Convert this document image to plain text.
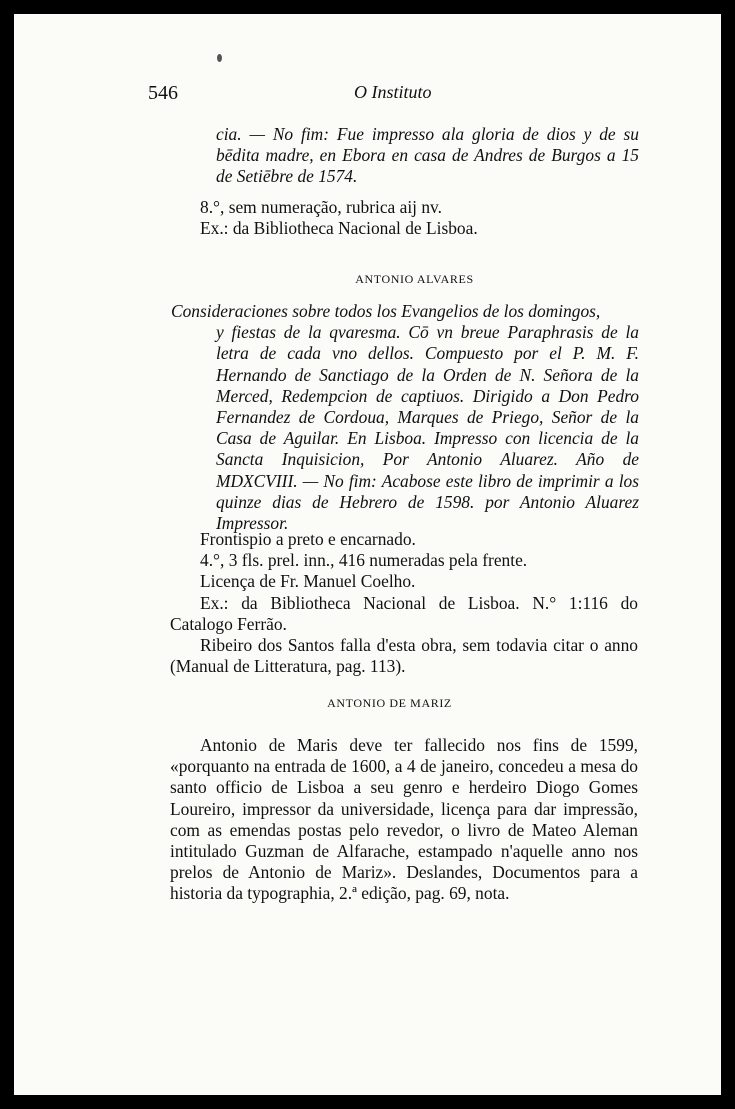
546	O Instituto
cia. — No fim: Fue impresso ala gloria de dios y de su bēdita madre, en Ebora en casa de Andres de Burgos a 15 de Setiēbre de 1574.
8.°, sem numeração, rubrica aij nv.
Ex.: da Bibliotheca Nacional de Lisboa.
ANTONIO ALVARES
Consideraciones sobre todos los Evangelios de los domingos,
y fiestas de la qvaresma. Cō vn breue Paraphrasis de la letra de cada vno dellos. Compuesto por el P. M. F. Hernando de Sanctiago de la Orden de N. Señora de la Merced, Redempcion de captiuos. Dirigido a Don Pedro Fernandez de Cordoua, Marques de Priego, Señor de la Casa de Aguilar. En Lisboa. Impresso con licencia de la Sancta Inquisicion, Por Antonio Aluarez. Año de MDXCVIII. — No fim: Acabose este libro de imprimir a los quinze dias de Hebrero de 1598. por Antonio Aluarez Impressor.

Frontispio a preto e encarnado.

4.°, 3 fls. prel. inn., 416 numeradas pela frente.

Licença de Fr. Manuel Coelho.

Ex.: da Bibliotheca Nacional de Lisboa. N.° 1:116 do Catalogo Ferrão.

Ribeiro dos Santos falla d'esta obra, sem todavia citar o anno (Manual de Litteratura, pag. 113).

ANTONIO DE MARIZ

Antonio de Maris deve ter fallecido nos fins de 1599, «porquanto na entrada de 1600, a 4 de janeiro, concedeu a mesa do santo officio de Lisboa a seu genro e herdeiro Diogo Gomes Loureiro, impressor da universidade, licença para dar impressão, com as emendas postas pelo revedor, o livro de Mateo Aleman intitulado Guzman de Alfarache, estampado n'aquelle anno nos prelos de Antonio de Mariz». Deslandes, Documentos para a historia da typographia, 2.ª edição, pag. 69, nota.
